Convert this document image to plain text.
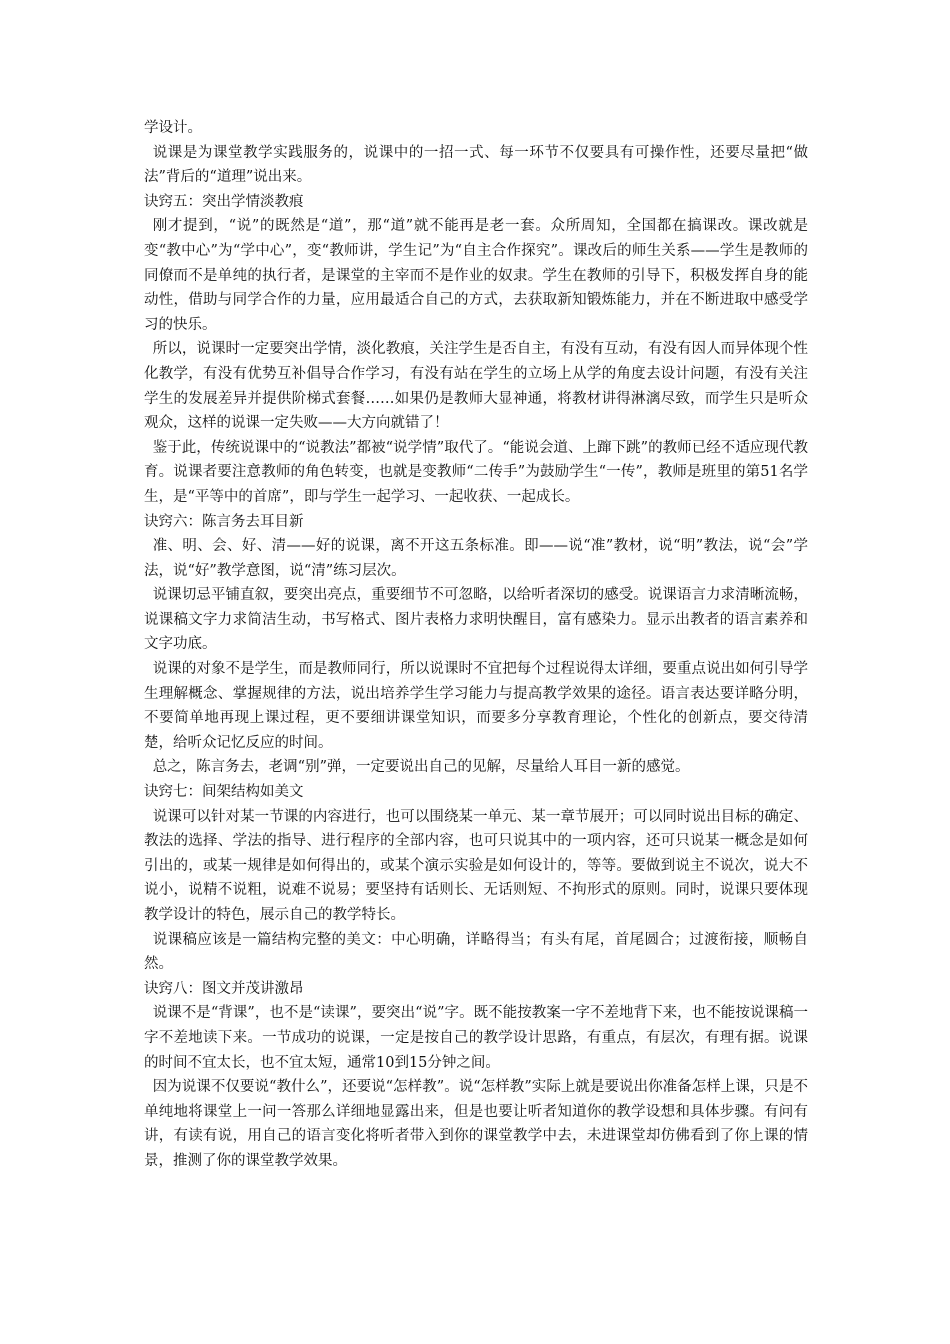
学设计。

说课是为课堂教学实践服务的，说课中的一招一式、每一环节不仅要具有可操作性，还要尽量把“做法”背后的“道理”说出来。

诀窍五：突出学情淡教痕

刚才提到，“说”的既然是“道”，那“道”就不能再是老一套。众所周知，全国都在搞课改。课改就是变“教中心”为“学中心”，变“教师讲，学生记”为“自主合作探究”。课改后的师生关系——学生是教师的同僚而不是单纯的执行者，是课堂的主宰而不是作业的奴隶。学生在教师的引导下，积极发挥自身的能动性，借助与同学合作的力量，应用最适合自己的方式，去获取新知锻炼能力，并在不断进取中感受学习的快乐。

所以，说课时一定要突出学情，淡化教痕，关注学生是否自主，有没有互动，有没有因人而异体现个性化教学，有没有优势互补倡导合作学习，有没有站在学生的立场上从学的角度去设计问题，有没有关注学生的发展差异并提供阶梯式套餐……如果仍是教师大显神通，将教材讲得淋漓尽致，而学生只是听众观众，这样的说课一定失败——大方向就错了！

鉴于此，传统说课中的“说教法”都被“说学情”取代了。“能说会道、上蹿下跳”的教师已经不适应现代教育。说课者要注意教师的角色转变，也就是变教师“二传手”为鼓励学生“一传”，教师是班里的第51名学生，是“平等中的首席”，即与学生一起学习、一起收获、一起成长。

诀窍六：陈言务去耳目新

准、明、会、好、清——好的说课，离不开这五条标准。即——说“准”教材，说“明”教法，说“会”学法，说“好”教学意图，说“清”练习层次。

说课切忌平铺直叙，要突出亮点，重要细节不可忽略，以给听者深切的感受。说课语言力求清晰流畅，说课稿文字力求简洁生动，书写格式、图片表格力求明快醒目，富有感染力。显示出教者的语言素养和文字功底。

说课的对象不是学生，而是教师同行，所以说课时不宜把每个过程说得太详细，要重点说出如何引导学生理解概念、掌握规律的方法，说出培养学生学习能力与提高教学效果的途径。语言表达要详略分明，不要简单地再现上课过程，更不要细讲课堂知识，而要多分享教育理论，个性化的创新点，要交待清楚，给听众记忆反应的时间。

总之，陈言务去，老调“别”弹，一定要说出自己的见解，尽量给人耳目一新的感觉。

诀窍七：间架结构如美文

说课可以针对某一节课的内容进行，也可以围绕某一单元、某一章节展开；可以同时说出目标的确定、教法的选择、学法的指导、进行程序的全部内容，也可只说其中的一项内容，还可只说某一概念是如何引出的，或某一规律是如何得出的，或某个演示实验是如何设计的，等等。要做到说主不说次，说大不说小，说精不说粗，说难不说易；要坚持有话则长、无话则短、不拘形式的原则。同时，说课只要体现教学设计的特色，展示自己的教学特长。

说课稿应该是一篇结构完整的美文：中心明确，详略得当；有头有尾，首尾圆合；过渡衔接，顺畅自然。

诀窍八：图文并茂讲激昂

说课不是“背课”，也不是“读课”，要突出“说”字。既不能按教案一字不差地背下来，也不能按说课稿一字不差地读下来。一节成功的说课，一定是按自己的教学设计思路，有重点，有层次，有理有据。说课的时间不宜太长，也不宜太短，通常10到15分钟之间。

因为说课不仅要说“教什么”，还要说“怎样教”。说“怎样教”实际上就是要说出你准备怎样上课，只是不单纯地将课堂上一问一答那么详细地显露出来，但是也要让听者知道你的教学设想和具体步骤。有问有讲，有读有说，用自己的语言变化将听者带入到你的课堂教学中去，未进课堂却仿佛看到了你上课的情景，推测了你的课堂教学效果。
